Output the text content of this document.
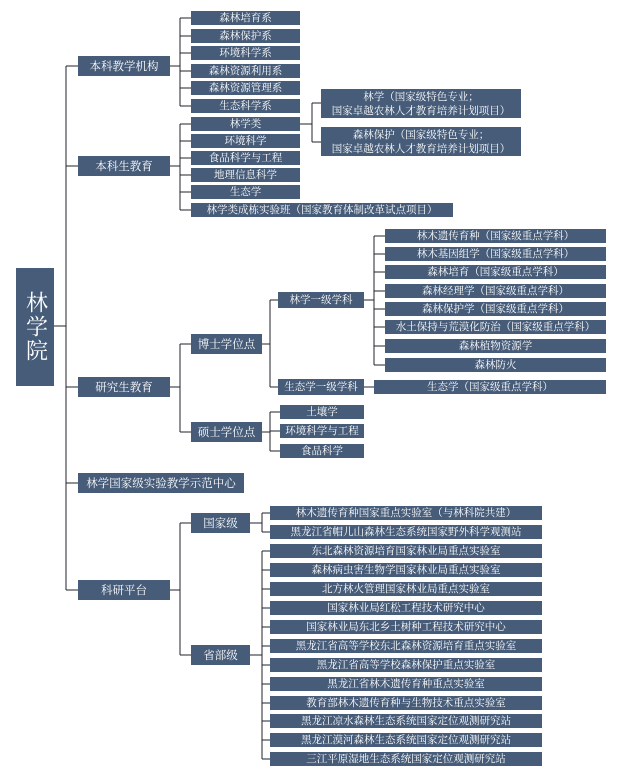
林学院
本科教学机构
本科生教育
研究生教育
林学国家级实验教学示范中心
科研平台
森林培育系
森林保护系
环境科学系
森林资源利用系
森林资源管理系
生态科学系
林学类
环境科学
食品科学与工程
地理信息科学
生态学
林学类成栋实验班（国家教育体制改革试点项目）
林学（国家级特色专业；
国家卓越农林人才教育培养计划项目）
森林保护（国家级特色专业；
国家卓越农林人才教育培养计划项目）
博士学位点
硕士学位点
林学一级学科
生态学一级学科
林木遗传育种（国家级重点学科）
林木基因组学（国家级重点学科）
森林培育（国家级重点学科）
森林经理学（国家级重点学科）
森林保护学（国家级重点学科）
水土保持与荒漠化防治（国家级重点学科）
森林植物资源学
森林防火
生态学（国家级重点学科）
土壤学
环境科学与工程
食品科学
国家级
省部级
林木遗传育种国家重点实验室（与林科院共建）
黑龙江省帽儿山森林生态系统国家野外科学观测站
东北森林资源培育国家林业局重点实验室
森林病虫害生物学国家林业局重点实验室
北方林火管理国家林业局重点实验室
国家林业局红松工程技术研究中心
国家林业局东北乡土树种工程技术研究中心
黑龙江省高等学校东北森林资源培育重点实验室
黑龙江省高等学校森林保护重点实验室
黑龙江省林木遗传育种重点实验室
教育部林木遗传育种与生物技术重点实验室
黑龙江凉水森林生态系统国家定位观测研究站
黑龙江漠河森林生态系统国家定位观测研究站
三江平原湿地生态系统国家定位观测研究站
